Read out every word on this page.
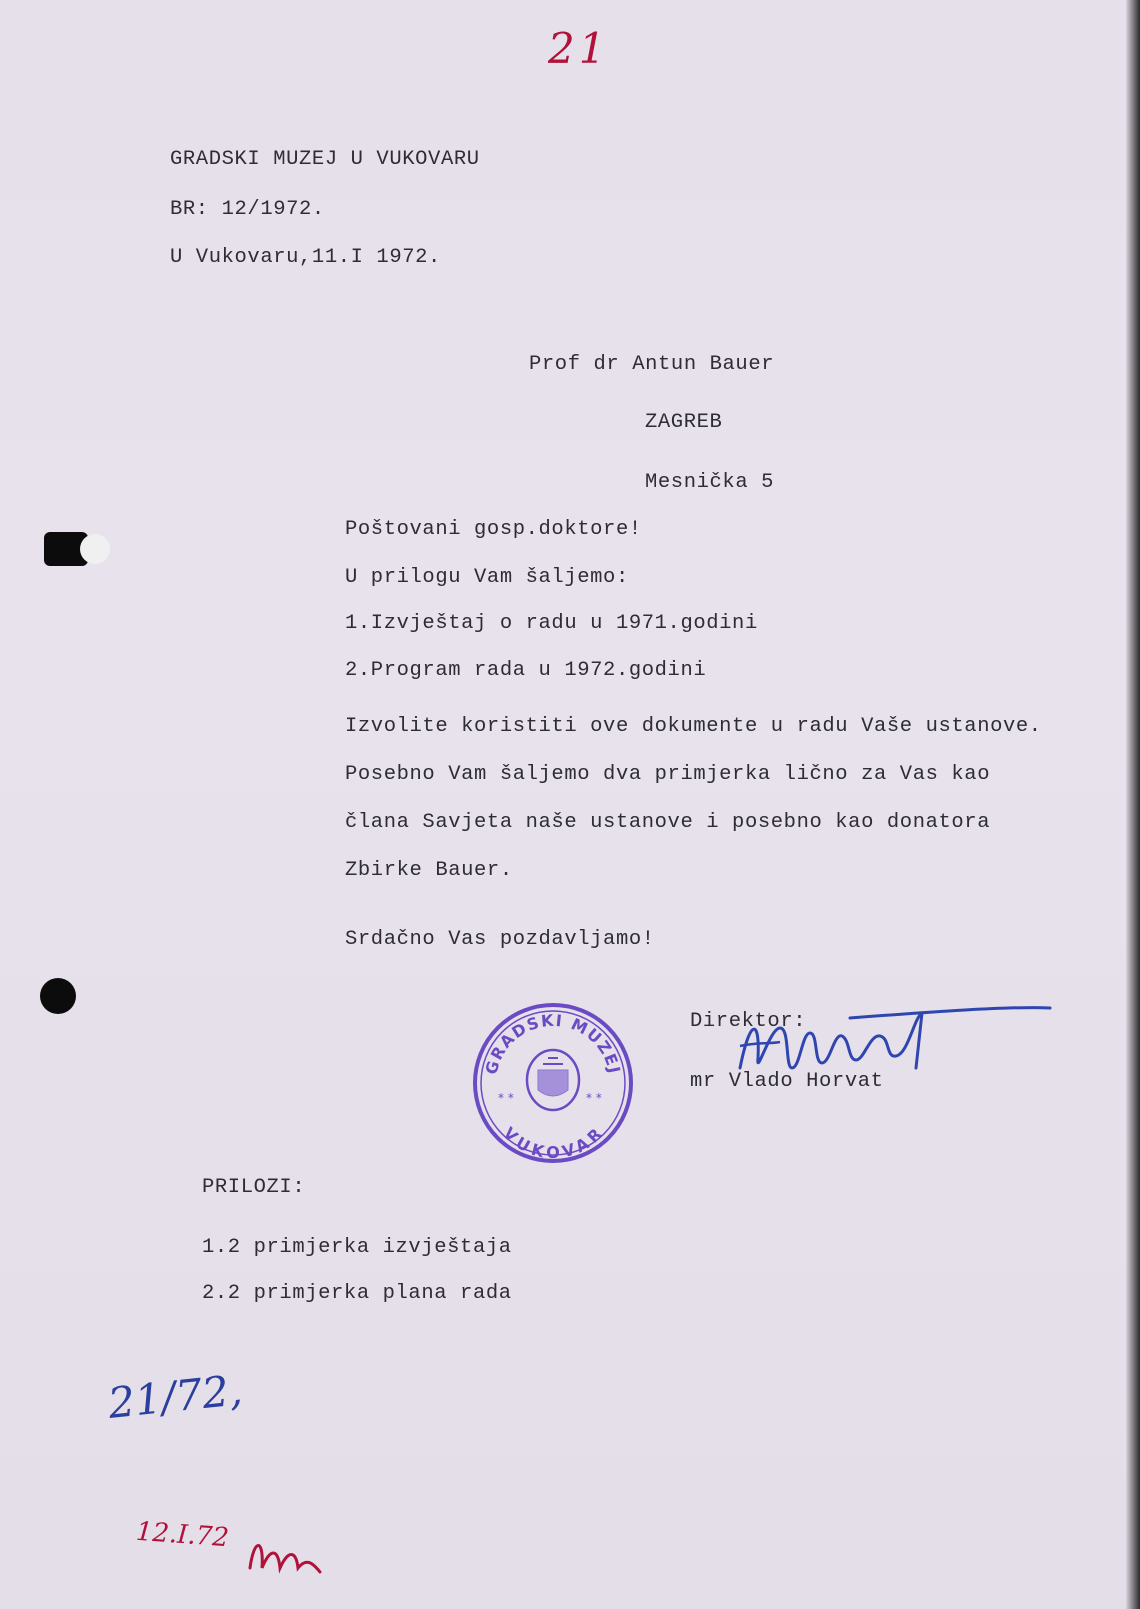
21
GRADSKI MUZEJ U VUKOVARU
BR: 12/1972.
U Vukovaru,11.I 1972.
Prof dr Antun Bauer
ZAGREB
Mesnička 5
Poštovani gosp.doktore!
U prilogu Vam šaljemo:
1.Izvještaj o radu u 1971.godini
2.Program rada u 1972.godini
Izvolite koristiti ove dokumente u radu Vaše ustanove.
Posebno Vam šaljemo dva primjerka lično za Vas kao
člana Savjeta naše ustanove i posebno kao donatora
Zbirke Bauer.
Srdačno Vas pozdavljamo!
Direktor:
mr Vlado Horvat
GRADSKI MUZEJ
VUKOVAR
* *	* *
PRILOZI:
1.2 primjerka izvještaja
2.2 primjerka plana rada
21/72,
12.I.72
